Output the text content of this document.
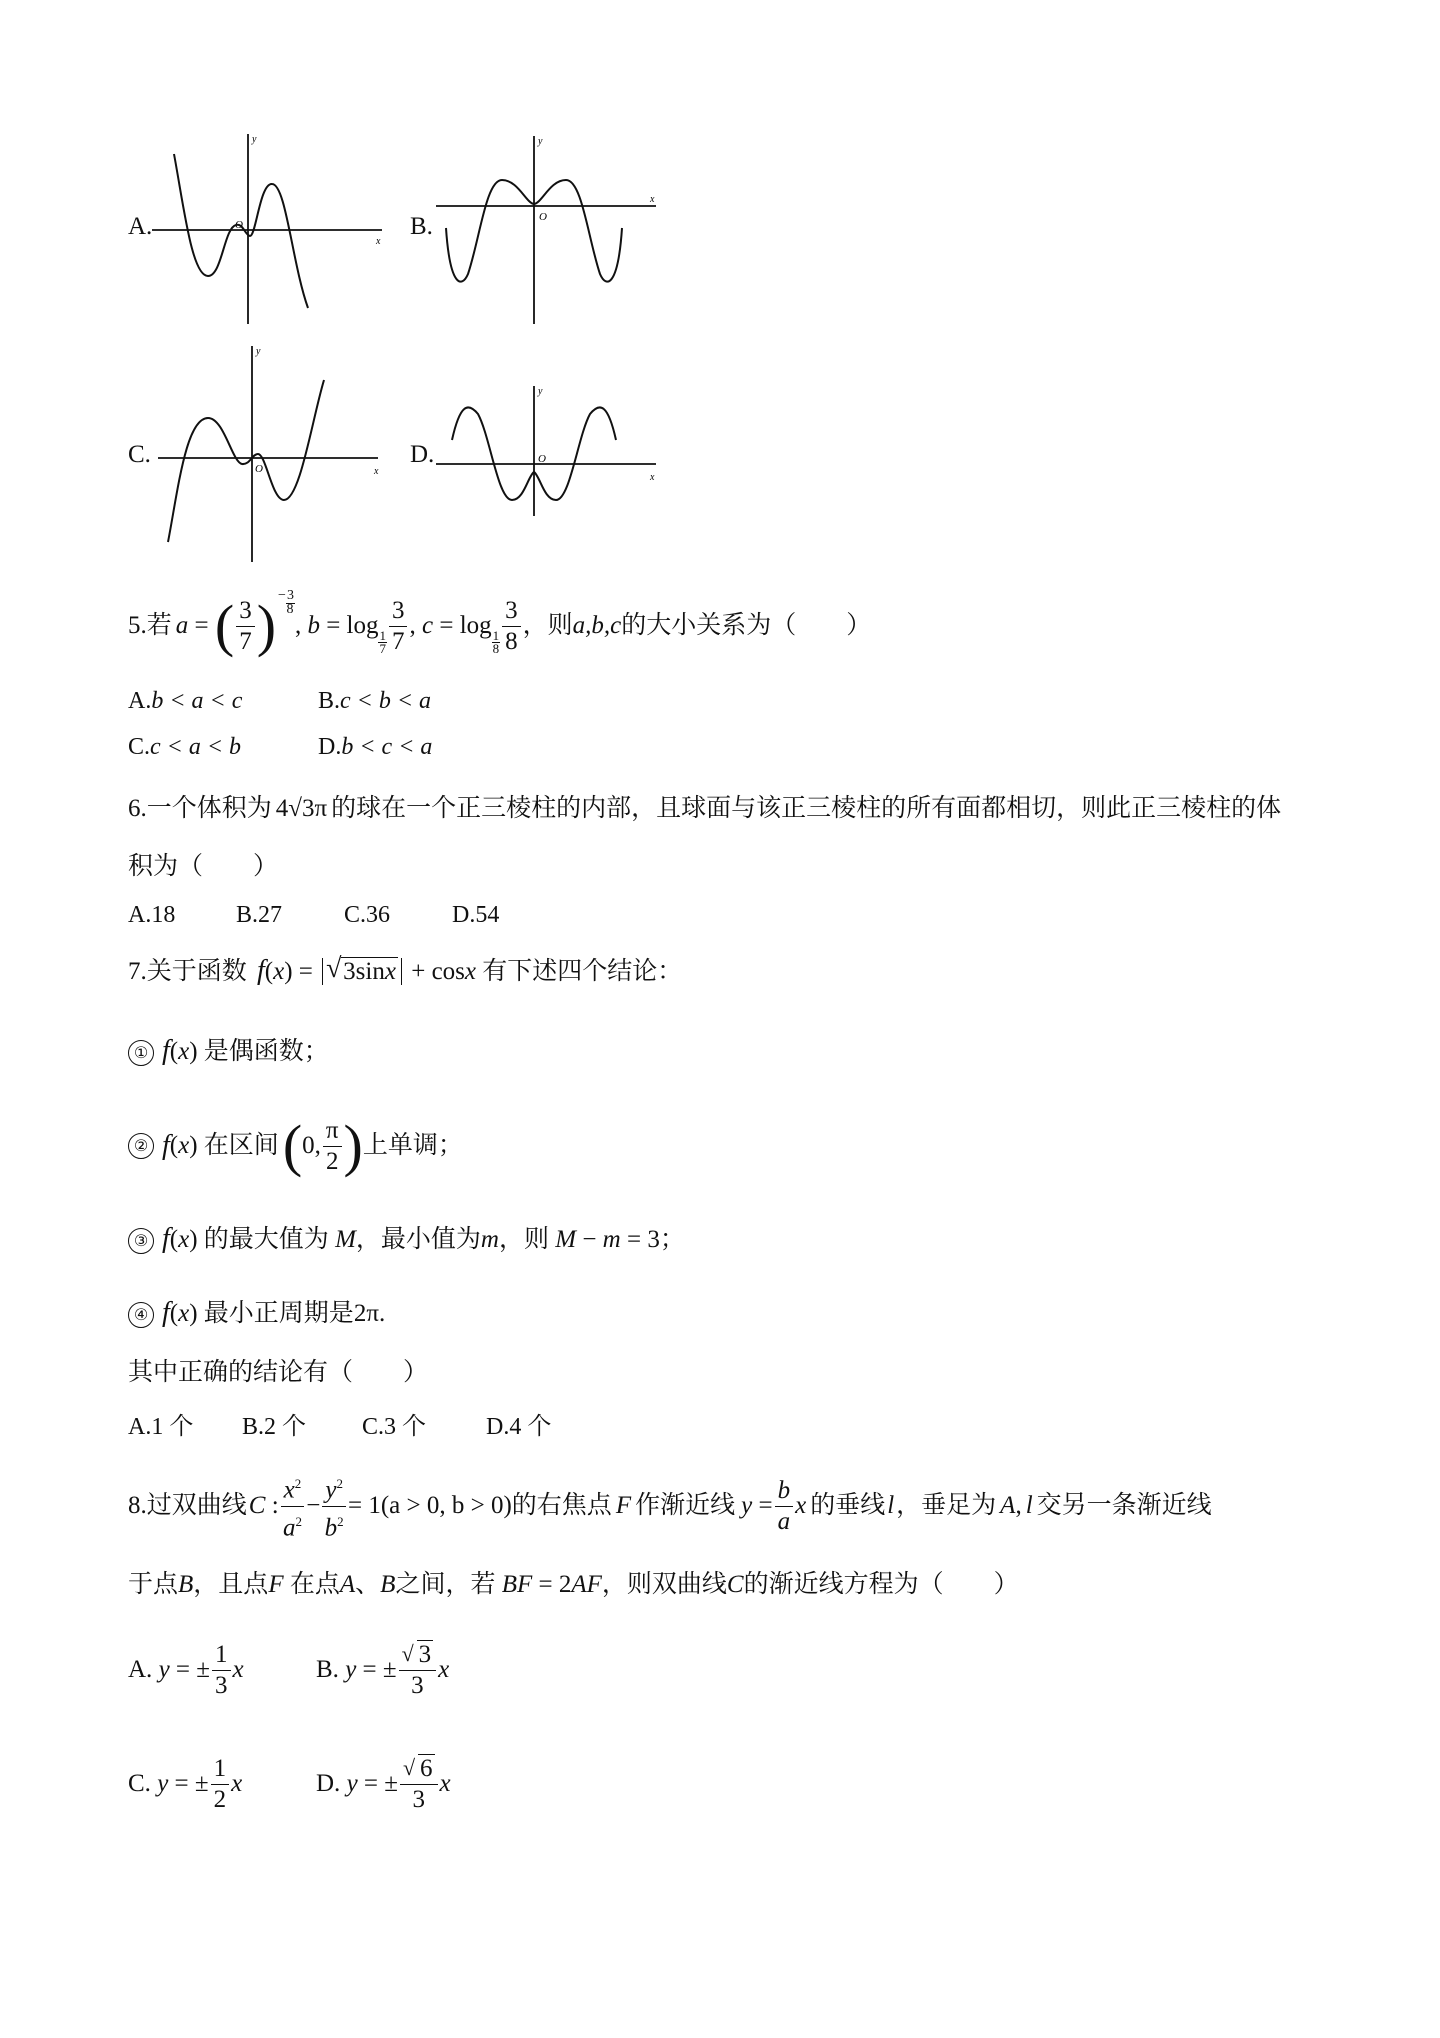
A.
y
x
O	B.
y
x
O
C.
y
x
O
D.
y
x
O
5.若 a = ( $\frac{3}{7}$ ) −3
8
, b = log 1
$7 \frac{3}{7}$ , c = log 1
$8 \frac{3}{8}$ ，则 a,b,c 的大小关系为（　　）
A.b < a < c	B.c < b < a
C.c < a < b	D.b < c < a
6.一个体积为 4√3π 的球在一个正三棱柱的内部，且球面与该正三棱柱的所有面都相切，则此正三棱柱的体
积为（　　）
A.18	B.27	C.36	D.54
7.关于函数 f(x) = √ 3sinx + cosx 有下述四个结论：
① f(x) 是偶函数；
② f ( x ) 在区间 ( 0, $\frac{\pi}{2}$ ) 上单调；
③ f(x) 的最大值为 M，最小值为m，则 M − m = 3；
④ f(x) 最小正周期是2π.
其中正确的结论有（　　）
A.1 个 B.2 个 C.3 个 D.4 个
8.过双曲线 C : $\frac{x^2}{a^2} - \frac{y^2}{b^2} = 1$ (a > 0, b > 0) 的右焦点 F 作渐近线 $y = \frac{b}{a}$ x 的垂线 l ，垂足为 A , l 交另一条渐近线
于点B，且点F 在点A、B之间，若 BF = 2AF，则双曲线C的渐近线方程为（　　）
A.
y = ± $\frac{1}{3}$ x	B.
y = ± $\frac{√ 3}{3}$ x
C.
y = ± $\frac{1}{2}$ x	D.
y = ± $\frac{√ 6}{3}$ x
